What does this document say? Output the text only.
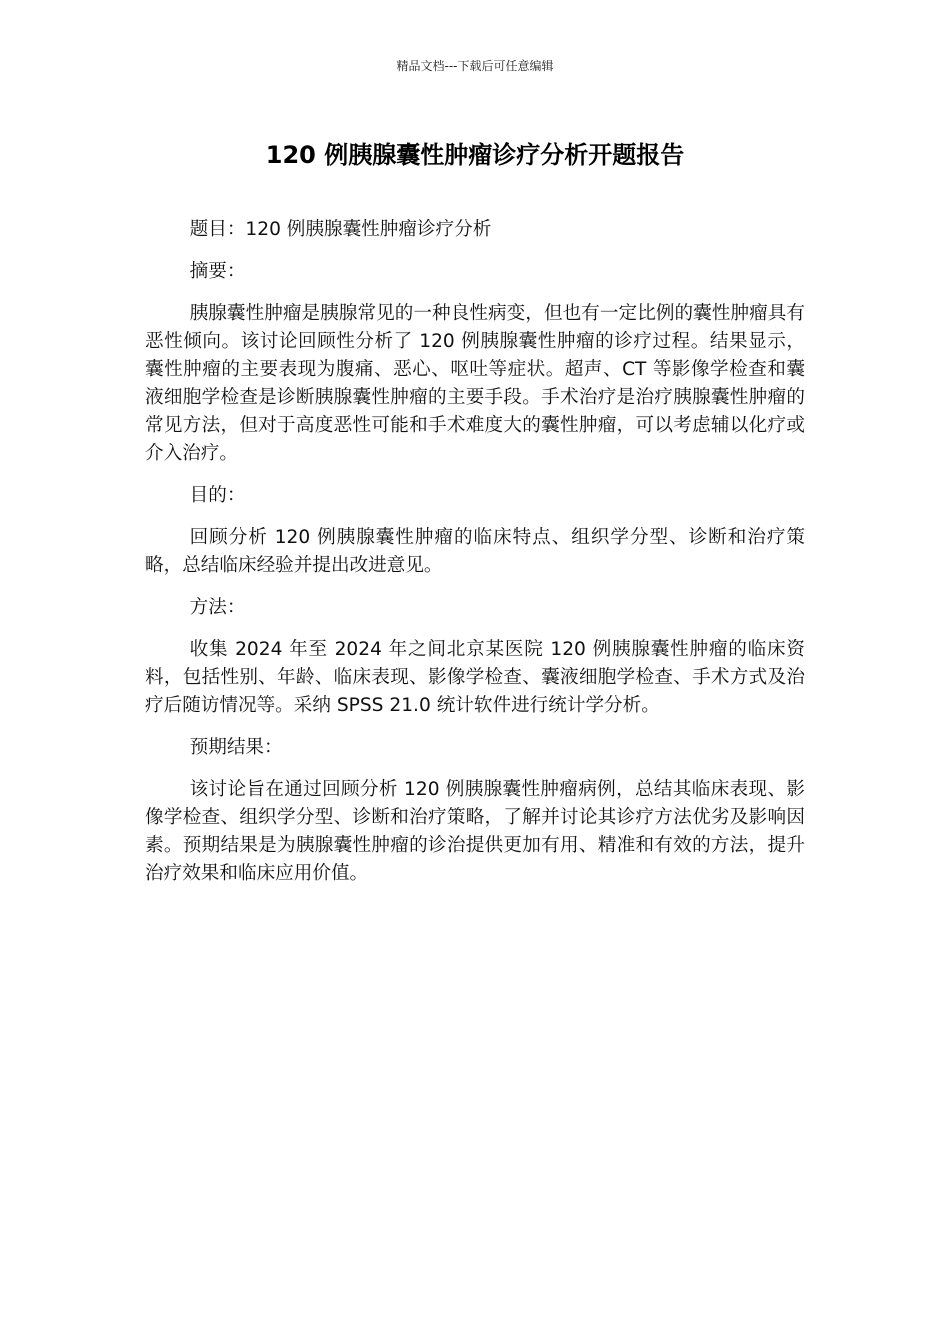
精品文档---下载后可任意编辑
120 例胰腺囊性肿瘤诊疗分析开题报告

题目：120 例胰腺囊性肿瘤诊疗分析

摘要：

胰腺囊性肿瘤是胰腺常见的一种良性病变，但也有一定比例的囊性肿瘤具有恶性倾向。该讨论回顾性分析了 120 例胰腺囊性肿瘤的诊疗过程。结果显示，囊性肿瘤的主要表现为腹痛、恶心、呕吐等症状。超声、CT 等影像学检查和囊液细胞学检查是诊断胰腺囊性肿瘤的主要手段。手术治疗是治疗胰腺囊性肿瘤的常见方法，但对于高度恶性可能和手术难度大的囊性肿瘤，可以考虑辅以化疗或介入治疗。

目的：

回顾分析 120 例胰腺囊性肿瘤的临床特点、组织学分型、诊断和治疗策略，总结临床经验并提出改进意见。

方法：

收集 2024 年至 2024 年之间北京某医院 120 例胰腺囊性肿瘤的临床资料，包括性别、年龄、临床表现、影像学检查、囊液细胞学检查、手术方式及治疗后随访情况等。采纳 SPSS 21.0 统计软件进行统计学分析。

预期结果：

该讨论旨在通过回顾分析 120 例胰腺囊性肿瘤病例，总结其临床表现、影像学检查、组织学分型、诊断和治疗策略，了解并讨论其诊疗方法优劣及影响因素。预期结果是为胰腺囊性肿瘤的诊治提供更加有用、精准和有效的方法，提升治疗效果和临床应用价值。
